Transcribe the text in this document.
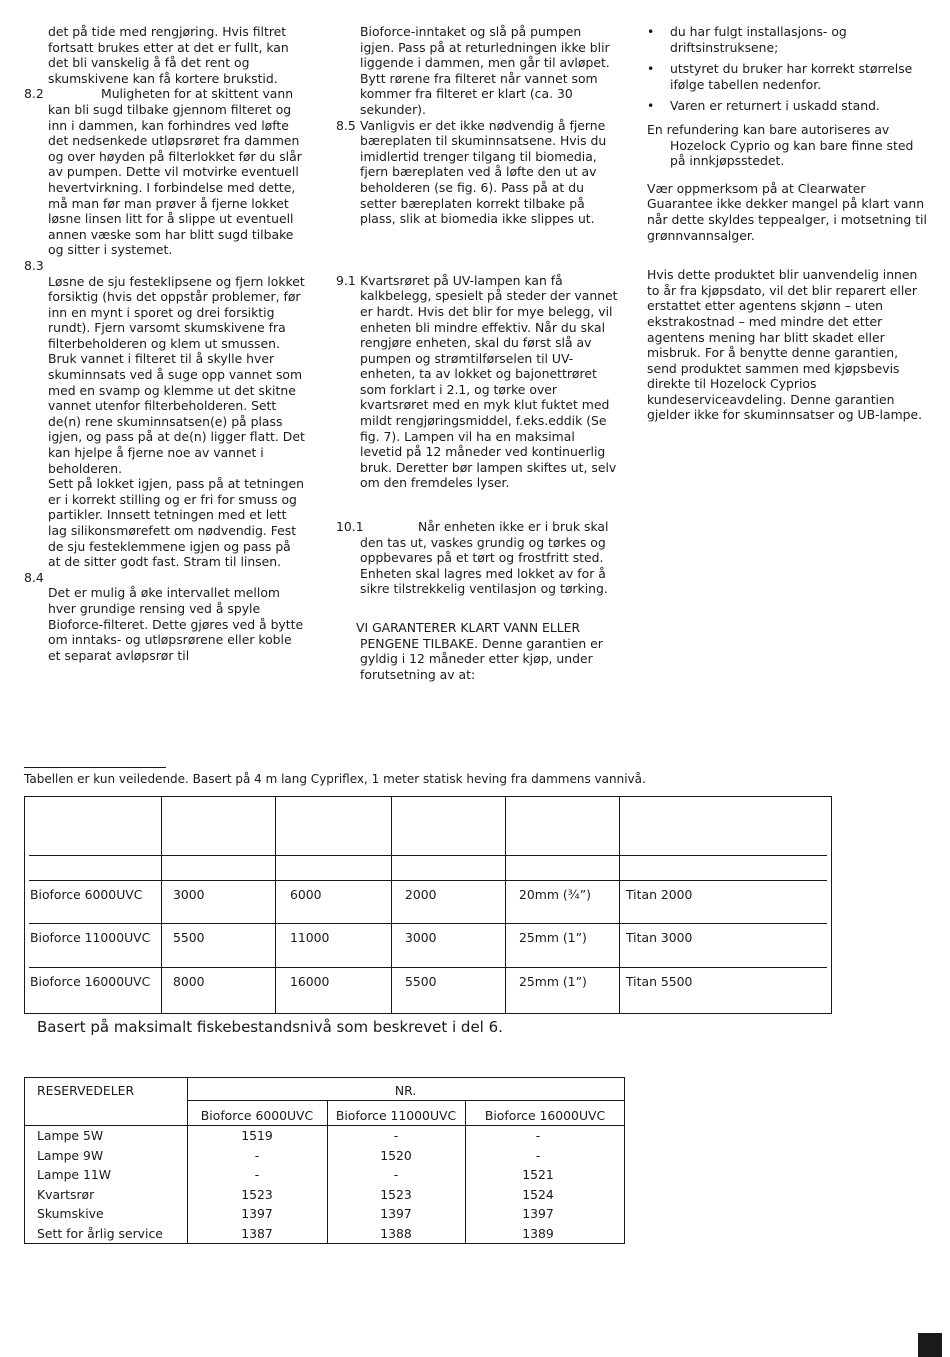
det på tide med rengjøring. Hvis filtret fortsatt brukes etter at det er fullt, kan det bli vanskelig å få det rent og skumskivene kan få kortere brukstid.

8.2	Muligheten for at skittent vann kan bli sugd tilbake gjennom filteret og inn i dammen, kan forhindres ved løfte det nedsenkede utløpsrøret fra dammen og over høyden på filterlokket før du slår av pumpen. Dette vil motvirke eventuell hevertvirkning. I forbindelse med dette, må man før man prøver å fjerne lokket løsne linsen litt for å slippe ut eventuell annen væske som har blitt sugd tilbake og sitter i systemet.

8.3
Løsne de sju festeklipsene og fjern lokket forsiktig (hvis det oppstår problemer, før inn en mynt i sporet og drei forsiktig rundt). Fjern varsomt skumskivene fra filterbeholderen og klem ut smussen. Bruk vannet i filteret til å skylle hver skuminnsats ved å suge opp vannet som med en svamp og klemme ut det skitne vannet utenfor filterbeholderen. Sett de(n) rene skuminnsatsen(e) på plass igjen, og pass på at de(n) ligger flatt. Det kan hjelpe å fjerne noe av vannet i beholderen.
Sett på lokket igjen, pass på at tetningen er i korrekt stilling og er fri for smuss og partikler. Innsett tetningen med et lett lag silikonsmørefett om nødvendig. Fest de sju festeklemmene igjen og pass på at de sitter godt fast. Stram til linsen.

8.4
Det er mulig å øke intervallet mellom hver grundige rensing ved å spyle Bioforce-filteret. Dette gjøres ved å bytte om inntaks- og utløpsrørene eller koble et separat avløpsrør til

Bioforce-inntaket og slå på pumpen igjen. Pass på at returledningen ikke blir liggende i dammen, men går til avløpet. Bytt rørene fra filteret når vannet som kommer fra filteret er klart (ca. 30 sekunder).

8.5 Vanligvis er det ikke nødvendig å fjerne bæreplaten til skuminnsatsene. Hvis du imidlertid trenger tilgang til biomedia, fjern bæreplaten ved å løfte den ut av beholderen (se fig. 6). Pass på at du setter bæreplaten korrekt tilbake på plass, slik at biomedia ikke slippes ut.

9.1 Kvartsrøret på UV-lampen kan få kalkbelegg, spesielt på steder der vannet er hardt. Hvis det blir for mye belegg, vil enheten bli mindre effektiv. Når du skal rengjøre enheten, skal du først slå av pumpen og strømtilførselen til UV-enheten, ta av lokket og bajonettrøret som forklart i 2.1, og tørke over kvartsrøret med en myk klut fuktet med mildt rengjøringsmiddel, f.eks.eddik (Se fig. 7). Lampen vil ha en maksimal levetid på 12 måneder ved kontinuerlig bruk. Deretter bør lampen skiftes ut, selv om den fremdeles lyser.

10.1	Når enheten ikke er i bruk skal den tas ut, vaskes grundig og tørkes og oppbevares på et tørt og frostfritt sted. Enheten skal lagres med lokket av for å sikre tilstrekkelig ventilasjon og tørking.

VI GARANTERER KLART VANN ELLER PENGENE TILBAKE. Denne garantien er gyldig i 12 måneder etter kjøp, under forutsetning av at:

• du har fulgt installasjons- og driftsinstruksene;
• utstyret du bruker har korrekt størrelse ifølge tabellen nedenfor.
• Varen er returnert i uskadd stand.

En refundering kan bare autoriseres av Hozelock Cyprio og kan bare finne sted på innkjøpsstedet.

Vær oppmerksom på at Clearwater Guarantee ikke dekker mangel på klart vann når dette skyldes teppealger, i motsetning til grønnvannsalger.

Hvis dette produktet blir uanvendelig innen to år fra kjøpsdato, vil det blir reparert eller erstattet etter agentens skjønn – uten ekstrakostnad – med mindre det etter agentens mening har blitt skadet eller misbruk. For å benytte denne garantien, send produktet sammen med kjøpsbevis direkte til Hozelock Cyprios kundeserviceavdeling. Denne garantien gjelder ikke for skuminnsatser og UB-lampe.

Tabellen er kun veiledende. Basert på 4 m lang Cypriflex, 1 meter statisk heving fra dammens vannivå.
Bioforce 6000UVC 3000	6000	2000	20mm (¾”)	Titan 2000
Bioforce 11000UVC 5500	11000	3000	25mm (1”)	Titan 3000
Bioforce 16000UVC 8000	16000	5500	25mm (1”)	Titan 5500
Basert på maksimalt fiskebestandsnivå som beskrevet i del 6.
RESERVEDELER	NR.
Bioforce 6000UVC	Bioforce 11000UVC	Bioforce 16000UVC
Lampe 5W	1519	-	-
Lampe 9W	-	1520	-
Lampe 11W	-	-	1521
Kvartsrør	1523	1523	1524
Skumskive	1397	1397	1397
Sett for årlig service	1387	1388	1389
